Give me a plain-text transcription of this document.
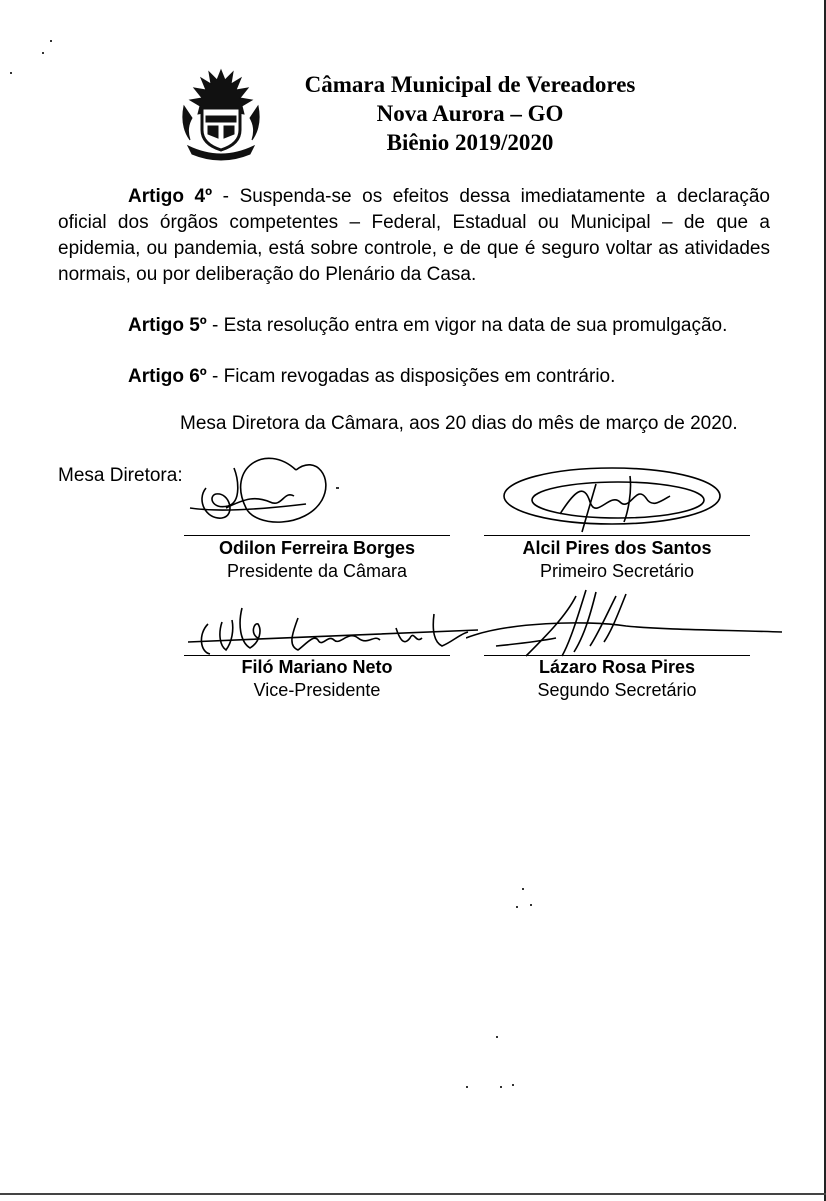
Câmara Municipal de Vereadores
Nova Aurora – GO
Biênio 2019/2020

Artigo 4º - Suspenda-se os efeitos dessa imediatamente a declaração oficial dos órgãos competentes – Federal, Estadual ou Municipal – de que a epidemia, ou pandemia, está sobre controle, e de que é seguro voltar as atividades normais, ou por deliberação do Plenário da Casa.

Artigo 5º - Esta resolução entra em vigor na data de sua promulgação.

Artigo 6º - Ficam revogadas as disposições em contrário.

Mesa Diretora da Câmara, aos 20 dias do mês de março de 2020.
Mesa Diretora:
Odilon Ferreira Borges
Presidente da Câmara
Alcil Pires dos Santos
Primeiro Secretário
Filó Mariano Neto
Vice-Presidente
Lázaro Rosa Pires
Segundo Secretário
